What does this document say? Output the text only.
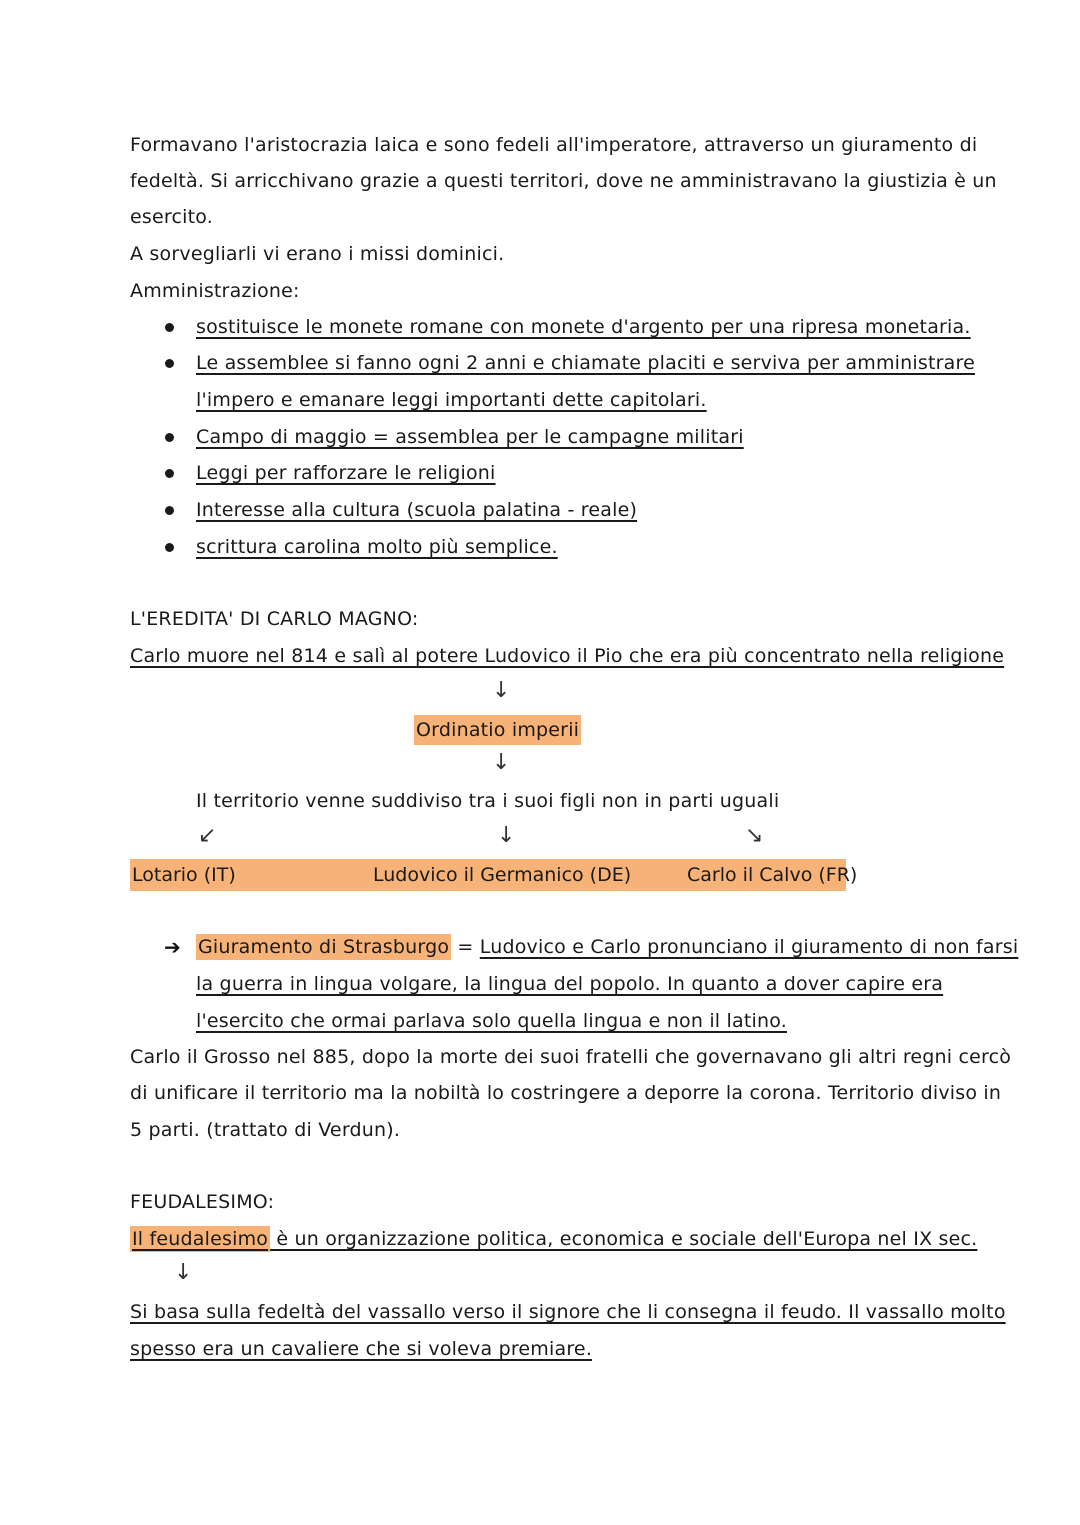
Formavano l'aristocrazia laica e sono fedeli all'imperatore, attraverso un giuramento di
fedeltà. Si arricchivano grazie a questi territori, dove ne amministravano la giustizia è un
esercito.
A sorvegliarli vi erano i missi dominici.
Amministrazione:
sostituisce le monete romane con monete d'argento per una ripresa monetaria.
Le assemblee si fanno ogni 2 anni e chiamate placiti e serviva per amministrare
l'impero e emanare leggi importanti dette capitolari.
Campo di maggio = assemblea per le campagne militari
Leggi per rafforzare le religioni
Interesse alla cultura (scuola palatina - reale)
scrittura carolina molto più semplice.
L'EREDITA' DI CARLO MAGNO:
Carlo muore nel 814 e salì al potere Ludovico il Pio che era più concentrato nella religione
↓
Ordinatio imperii
↓
Il territorio venne suddiviso tra i suoi figli non in parti uguali
↙	↓	↘
Lotario (IT)	Ludovico il Germanico (DE)	Carlo il Calvo (FR)
➔ Giuramento di Strasburgo = Ludovico e Carlo pronunciano il giuramento di non farsi
la guerra in lingua volgare, la lingua del popolo. In quanto a dover capire era
l'esercito che ormai parlava solo quella lingua e non il latino.
Carlo il Grosso nel 885, dopo la morte dei suoi fratelli che governavano gli altri regni cercò
di unificare il territorio ma la nobiltà lo costringere a deporre la corona. Territorio diviso in
5 parti. (trattato di Verdun).
FEUDALESIMO:
Il feudalesimo è un organizzazione politica, economica e sociale dell'Europa nel IX sec.
↓
Si basa sulla fedeltà del vassallo verso il signore che li consegna il feudo. Il vassallo molto
spesso era un cavaliere che si voleva premiare.
